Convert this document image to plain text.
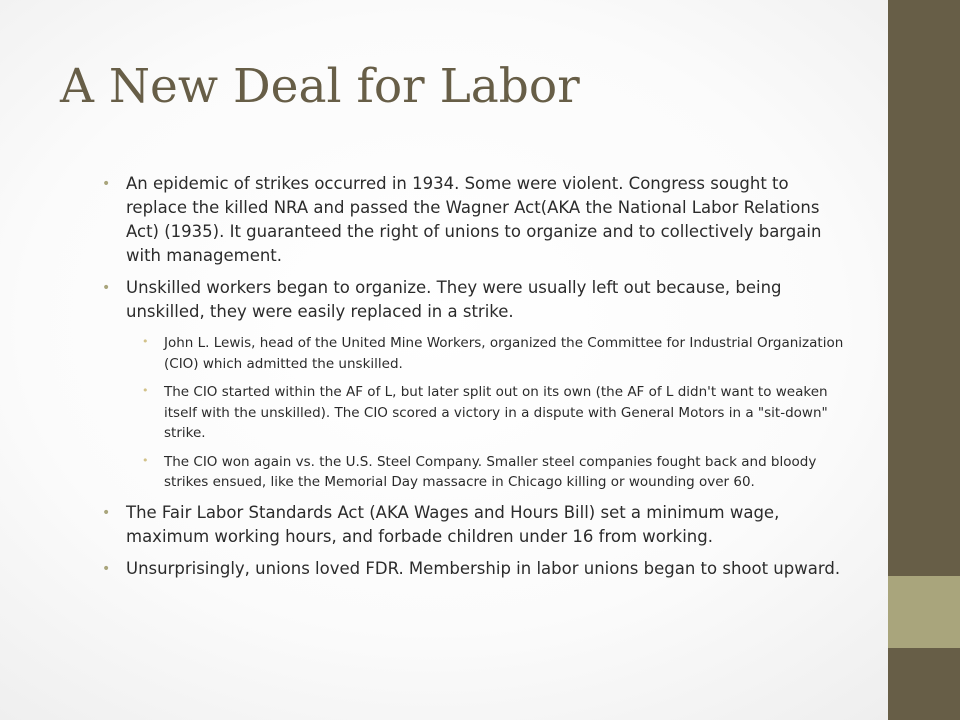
A New Deal for Labor
• An epidemic of strikes occurred in 1934. Some were violent. Congress sought to replace the killed NRA and passed the Wagner Act(AKA the National Labor Relations Act) (1935). It guaranteed the right of unions to organize and to collectively bargain with management.
• Unskilled workers began to organize. They were usually left out because, being unskilled, they were easily replaced in a strike.
• John L. Lewis, head of the United Mine Workers, organized the Committee for Industrial Organization (CIO) which admitted the unskilled.
• The CIO started within the AF of L, but later split out on its own (the AF of L didn't want to weaken itself with the unskilled). The CIO scored a victory in a dispute with General Motors in a "sit-down" strike.
• The CIO won again vs. the U.S. Steel Company. Smaller steel companies fought back and bloody strikes ensued, like the Memorial Day massacre in Chicago killing or wounding over 60.
• The Fair Labor Standards Act (AKA Wages and Hours Bill) set a minimum wage, maximum working hours, and forbade children under 16 from working.
• Unsurprisingly, unions loved FDR. Membership in labor unions began to shoot upward.
